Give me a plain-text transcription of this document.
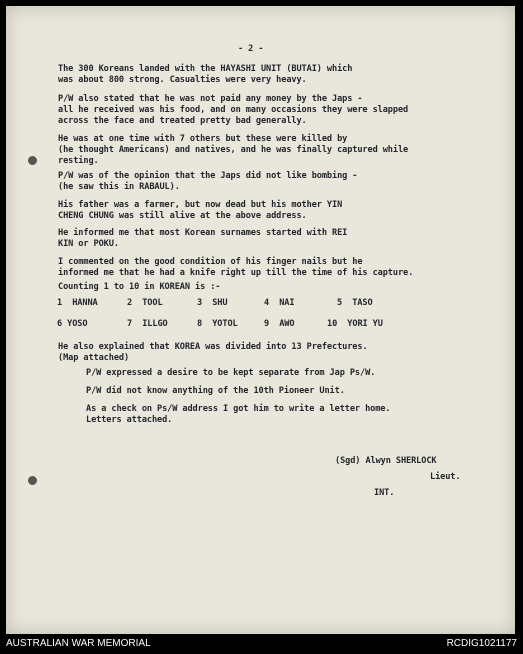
- 2 -
The 300 Koreans landed with the HAYASHI UNIT (BUTAI) which
was about 800 strong. Casualties were very heavy.
P/W also stated that he was not paid any money by the Japs -
all he received was his food, and on many occasions they were slapped
across the face and treated pretty bad generally.
He was at one time with 7 others but these were killed by
(he thought Americans) and natives, and he was finally captured while
resting.
P/W was of the opinion that the Japs did not like bombing -
(he saw this in RABAUL).
His father was a farmer, but now dead but his mother YIN
CHENG CHUNG was still alive at the above address.
He informed me that most Korean surnames started with REI
KIN or POKU.
I commented on the good condition of his finger nails but he
informed me that he had a knife right up till the time of his capture.
Counting 1 to 10 in KOREAN is :-
1  HANNA	2  TOOL	3  SHU	4  NAI	5  TASO
6 YOSO	7  ILLGO	8  YOTOL	9  AWO	10  YORI YU
He also explained that KOREA was divided into 13 Prefectures.
(Map attached)
P/W expressed a desire to be kept separate from Jap Ps/W.
P/W did not know anything of the 10th Pioneer Unit.
As a check on Ps/W address I got him to write a letter home.
Letters attached.
(Sgd) Alwyn SHERLOCK
Lieut.
INT.
AUSTRALIAN WAR MEMORIAL	RCDIG1021177
